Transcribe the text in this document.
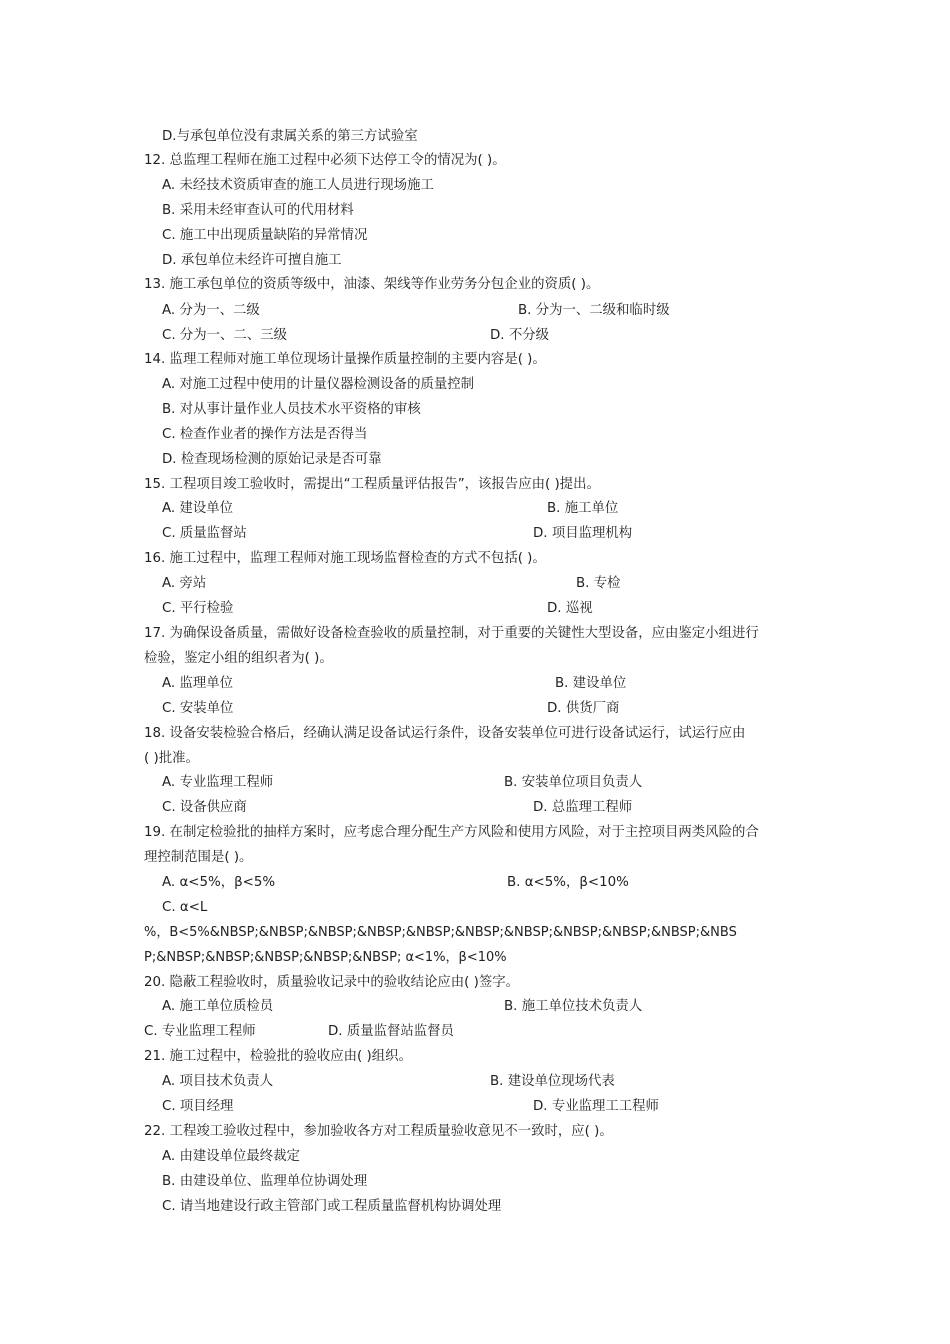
D.与承包单位没有隶属关系的第三方试验室
12. 总监理工程师在施工过程中必须下达停工令的情况为( )。
A. 未经技术资质审查的施工人员进行现场施工
B. 采用未经审查认可的代用材料
C. 施工中出现质量缺陷的异常情况
D. 承包单位未经许可擅自施工
13. 施工承包单位的资质等级中，油漆、架线等作业劳务分包企业的资质( )。
A. 分为一、二级	B. 分为一、二级和临时级
C. 分为一、二、三级	D. 不分级
14. 监理工程师对施工单位现场计量操作质量控制的主要内容是( )。
A. 对施工过程中使用的计量仪器检测设备的质量控制
B. 对从事计量作业人员技术水平资格的审核
C. 检查作业者的操作方法是否得当
D. 检查现场检测的原始记录是否可靠
15. 工程项目竣工验收时，需提出“工程质量评估报告”，该报告应由( )提出。
A. 建设单位	B. 施工单位
C. 质量监督站	D. 项目监理机构
16. 施工过程中，监理工程师对施工现场监督检查的方式不包括( )。
A. 旁站	B. 专检
C. 平行检验	D. 巡视
17. 为确保设备质量，需做好设备检查验收的质量控制，对于重要的关键性大型设备，应由鉴定小组进行
检验，鉴定小组的组织者为( )。
A. 监理单位	B. 建设单位
C. 安装单位	D. 供货厂商
18. 设备安装检验合格后，经确认满足设备试运行条件，设备安装单位可进行设备试运行，试运行应由
( )批准。
A. 专业监理工程师	B. 安装单位项目负责人
C. 设备供应商	D. 总监理工程师
19. 在制定检验批的抽样方案时，应考虑合理分配生产方风险和使用方风险，对于主控项目两类风险的合
理控制范围是( )。
A. α<5%，β<5%	B. α<5%，β<10%
C. α<L
%，Β<5%&NBSP;&NBSP;&NBSP;&NBSP;&NBSP;&NBSP;&NBSP;&NBSP;&NBSP;&NBSP;&NBS
P;&NBSP;&NBSP;&NBSP;&NBSP;&NBSP; α<1%，β<10%
20. 隐蔽工程验收时，质量验收记录中的验收结论应由( )签字。
A. 施工单位质检员	B. 施工单位技术负责人
C. 专业监理工程师	D. 质量监督站监督员
21. 施工过程中，检验批的验收应由( )组织。
A. 项目技术负责人	B. 建设单位现场代表
C. 项目经理	D. 专业监理工工程师
22. 工程竣工验收过程中，参加验收各方对工程质量验收意见不一致时，应( )。
A. 由建设单位最终裁定
B. 由建设单位、监理单位协调处理
C. 请当地建设行政主管部门或工程质量监督机构协调处理
